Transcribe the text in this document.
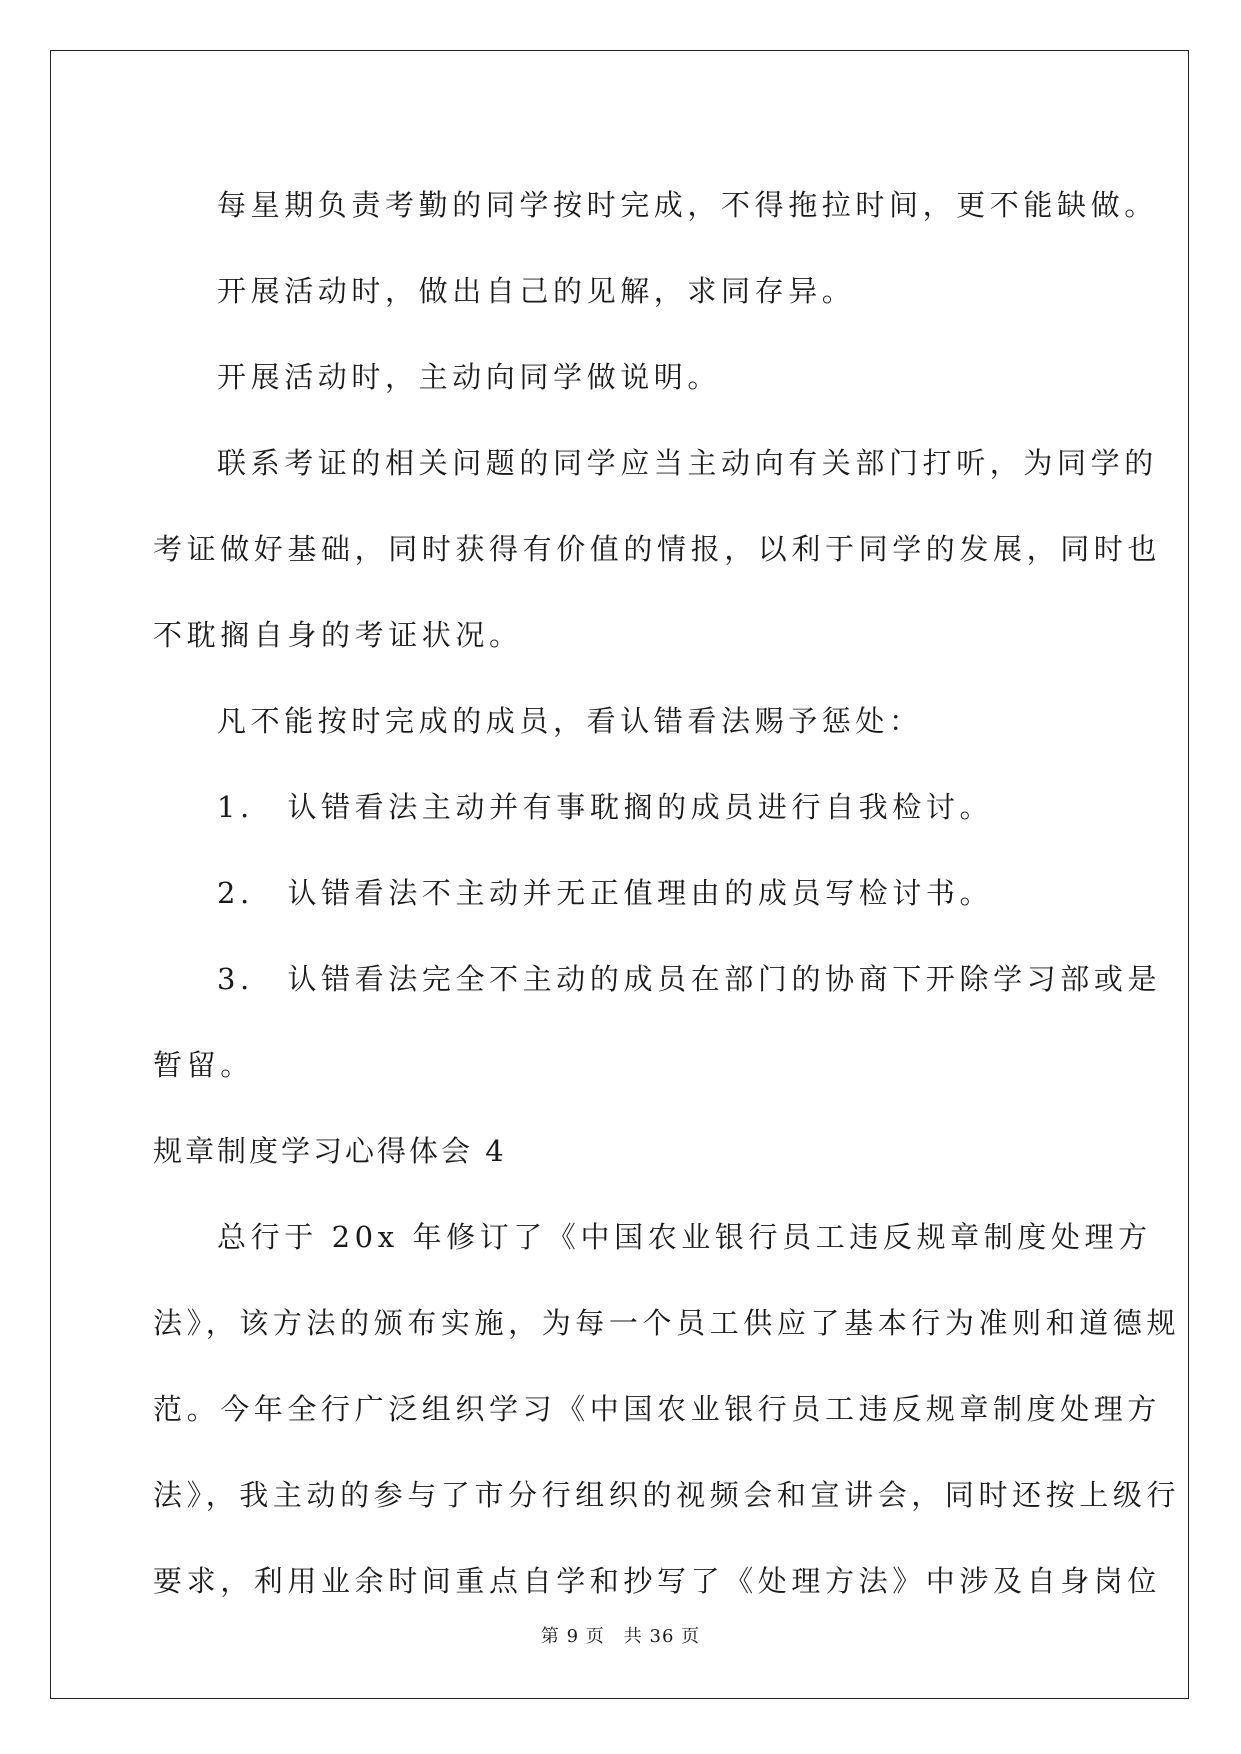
每星期负责考勤的同学按时完成，不得拖拉时间，更不能缺做。
开展活动时，做出自己的见解，求同存异。
开展活动时，主动向同学做说明。
联系考证的相关问题的同学应当主动向有关部门打听，为同学的
考证做好基础，同时获得有价值的情报，以利于同学的发展，同时也
不耽搁自身的考证状况。
凡不能按时完成的成员，看认错看法赐予惩处：
1.　认错看法主动并有事耽搁的成员进行自我检讨。
2.　认错看法不主动并无正值理由的成员写检讨书。
3.　认错看法完全不主动的成员在部门的协商下开除学习部或是
暂留。
规章制度学习心得体会 4
总行于 20x 年修订了《中国农业银行员工违反规章制度处理方
法》，该方法的颁布实施，为每一个员工供应了基本行为准则和道德规
范。今年全行广泛组织学习《中国农业银行员工违反规章制度处理方
法》，我主动的参与了市分行组织的视频会和宣讲会，同时还按上级行
要求，利用业余时间重点自学和抄写了《处理方法》中涉及自身岗位
第 9 页　共 36 页
